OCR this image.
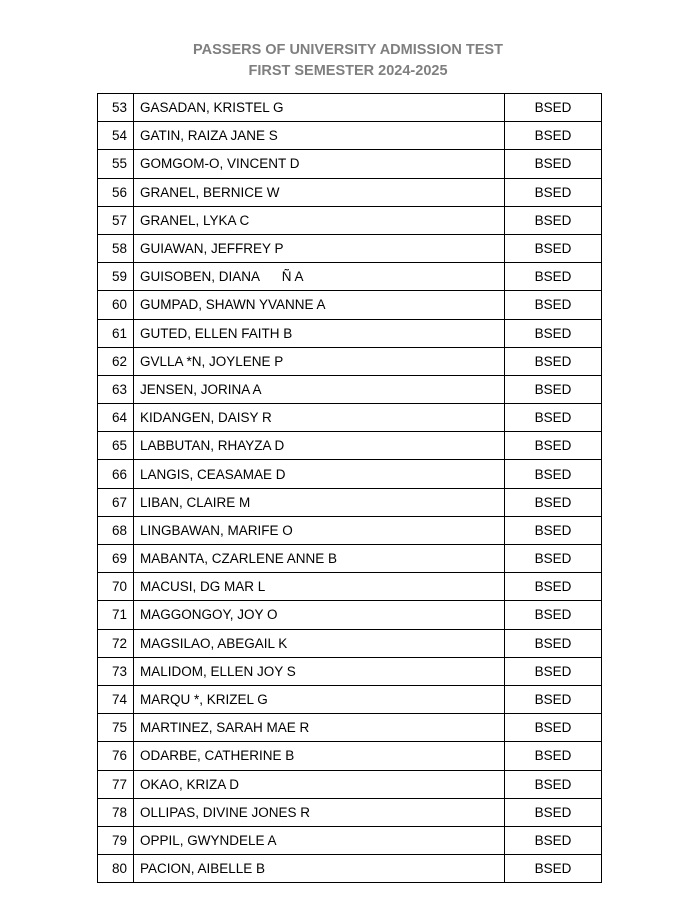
PASSERS OF UNIVERSITY ADMISSION TEST
FIRST SEMESTER 2024-2025
53	GASADAN, KRISTEL G	BSED
54	GATIN, RAIZA JANE S	BSED
55	GOMGOM-O, VINCENT D	BSED
56	GRANEL, BERNICE W	BSED
57	GRANEL, LYKA C	BSED
58	GUIAWAN, JEFFREY P	BSED
59	GUISOBEN, DIANA      Ñ A	BSED
60	GUMPAD, SHAWN YVANNE A	BSED
61	GUTED, ELLEN FAITH B	BSED
62	GVLLA *N, JOYLENE P	BSED
63	JENSEN, JORINA A	BSED
64	KIDANGEN, DAISY R	BSED
65	LABBUTAN, RHAYZA D	BSED
66	LANGIS, CEASAMAE D	BSED
67	LIBAN, CLAIRE M	BSED
68	LINGBAWAN, MARIFE O	BSED
69	MABANTA, CZARLENE ANNE B	BSED
70	MACUSI, DG MAR L	BSED
71	MAGGONGOY, JOY O	BSED
72	MAGSILAO, ABEGAIL K	BSED
73	MALIDOM, ELLEN JOY S	BSED
74	MARQU *, KRIZEL G	BSED
75	MARTINEZ, SARAH MAE R	BSED
76	ODARBE, CATHERINE B	BSED
77	OKAO, KRIZA D	BSED
78	OLLIPAS, DIVINE JONES R	BSED
79	OPPIL, GWYNDELE A	BSED
80	PACION, AIBELLE B	BSED
